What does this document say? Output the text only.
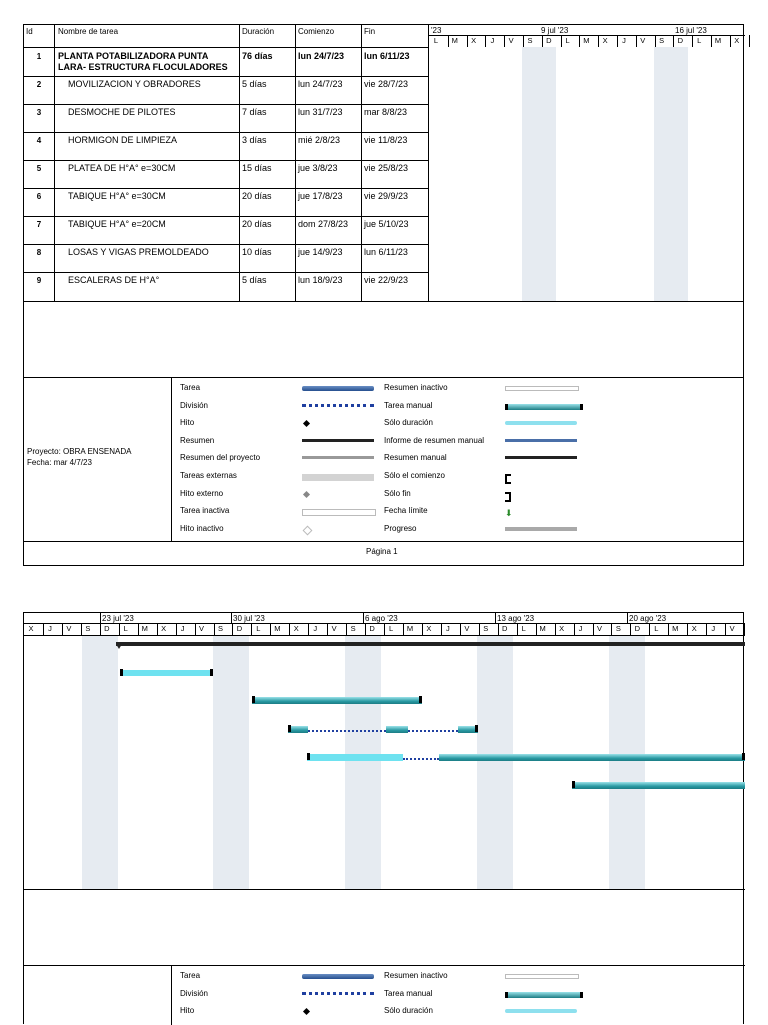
Id	Nombre de tarea	Duración	Comienzo	Fin	'23	9 jul '23	16 jul '23
L	M	X	J	V	S	D	L	M	X	J	V	S	D	L	M	X
1	PLANTA POTABILIZADORA PUNTA
LARA- ESTRUCTURA FLOCULADORES
76 días	lun 24/7/23 lun 6/11/23
2	MOVILIZACION Y OBRADORES	5 días	lun 24/7/23 vie 28/7/23
3	DESMOCHE DE PILOTES	7 días	lun 31/7/23 mar 8/8/23
4	HORMIGON DE LIMPIEZA	3 días	mié 2/8/23	vie 11/8/23
5	PLATEA DE H°A° e=30CM	15 días	jue 3/8/23	vie 25/8/23
6	TABIQUE H°A° e=30CM	20 días	jue 17/8/23 vie 29/9/23
7	TABIQUE H°A° e=20CM	20 días	dom 27/8/23 jue 5/10/23
8	LOSAS Y VIGAS PREMOLDEADO	10 días	jue 14/9/23 lun 6/11/23
9	ESCALERAS DE H°A°	5 días	lun 18/9/23 vie 22/9/23
Proyecto: OBRA ENSENADA
Fecha: mar 4/7/23
Tarea
División
Hito
Resumen
Resumen del proyecto
Tareas externas
Hito externo
Tarea inactiva
Hito inactivo
Resumen inactivo
Tarea manual
Sólo duración
Informe de resumen manual
Resumen manual
Sólo el comienzo
Sólo fin
Fecha límite	⬇
Progreso
Página 1
23 jul '23	30 jul '23	6 ago '23	13 ago '23	20 ago '23
X	J	V	S	D	L	M	X	J	V	S	D	L	M	X	J	V	S	D	L	M	X	J	V	S	D	L	M	X	J	V	S	D	L	M	X	J	V
Tarea
División
Hito
Resumen inactivo
Tarea manual
Sólo duración
